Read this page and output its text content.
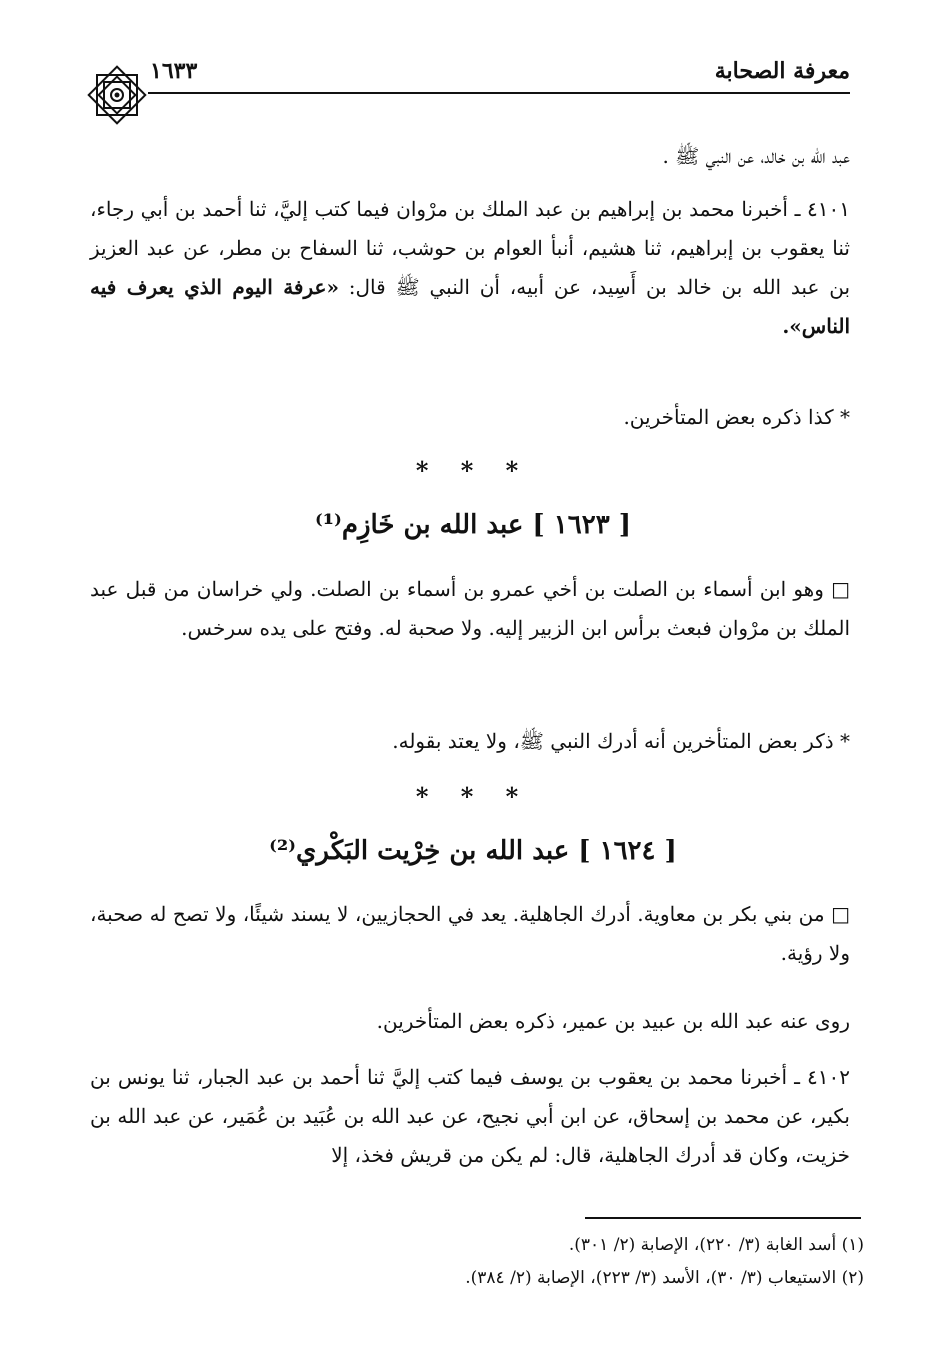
معرفة الصحابة
١٦٣٣

عبد الله بن خالد، عن النبي ﷺ .

٤١٠١ ـ أخبرنا محمد بن إبراهيم بن عبد الملك بن مرْوان فيما كتب إليَّ، ثنا أحمد بن أبي رجاء، ثنا يعقوب بن إبراهيم، ثنا هشيم، أنبأ العوام بن حوشب، ثنا السفاح بن مطر، عن عبد العزيز بن عبد الله بن خالد بن أَسِيد، عن أبيه، أن النبي ﷺ قال: «عرفة اليوم الذي يعرف فيه الناس».

* كذا ذكره بعض المتأخرين.

* * *
[ ١٦٢٣ ] عبد الله بن خَازِم⁽¹⁾

□ وهو ابن أسماء بن الصلت بن أخي عمرو بن أسماء بن الصلت. ولي خراسان من قبل عبد الملك بن مرْوان فبعث برأس ابن الزبير إليه. ولا صحبة له. وفتح على يده سرخس.

* ذكر بعض المتأخرين أنه أدرك النبي ﷺ، ولا يعتد بقوله.

* * *
[ ١٦٢٤ ] عبد الله بن خِرْيت البَكْري⁽²⁾

□ من بني بكر بن معاوية. أدرك الجاهلية. يعد في الحجازيين، لا يسند شيئًا، ولا تصح له صحبة، ولا رؤية.

روى عنه عبد الله بن عبيد بن عمير، ذكره بعض المتأخرين.

٤١٠٢ ـ أخبرنا محمد بن يعقوب بن يوسف فيما كتب إليَّ ثنا أحمد بن عبد الجبار، ثنا يونس بن بكير، عن محمد بن إسحاق، عن ابن أبي نجيح، عن عبد الله بن عُبَيد بن عُمَير، عن عبد الله بن خزيت، وكان قد أدرك الجاهلية، قال: لم يكن من قريش فخذ، إلا

(١) أسد الغابة (٣/ ٢٢٠)، الإصابة (٢/ ٣٠١).
(٢) الاستيعاب (٣/ ٣٠)، الأسد (٣/ ٢٢٣)، الإصابة (٢/ ٣٨٤).
